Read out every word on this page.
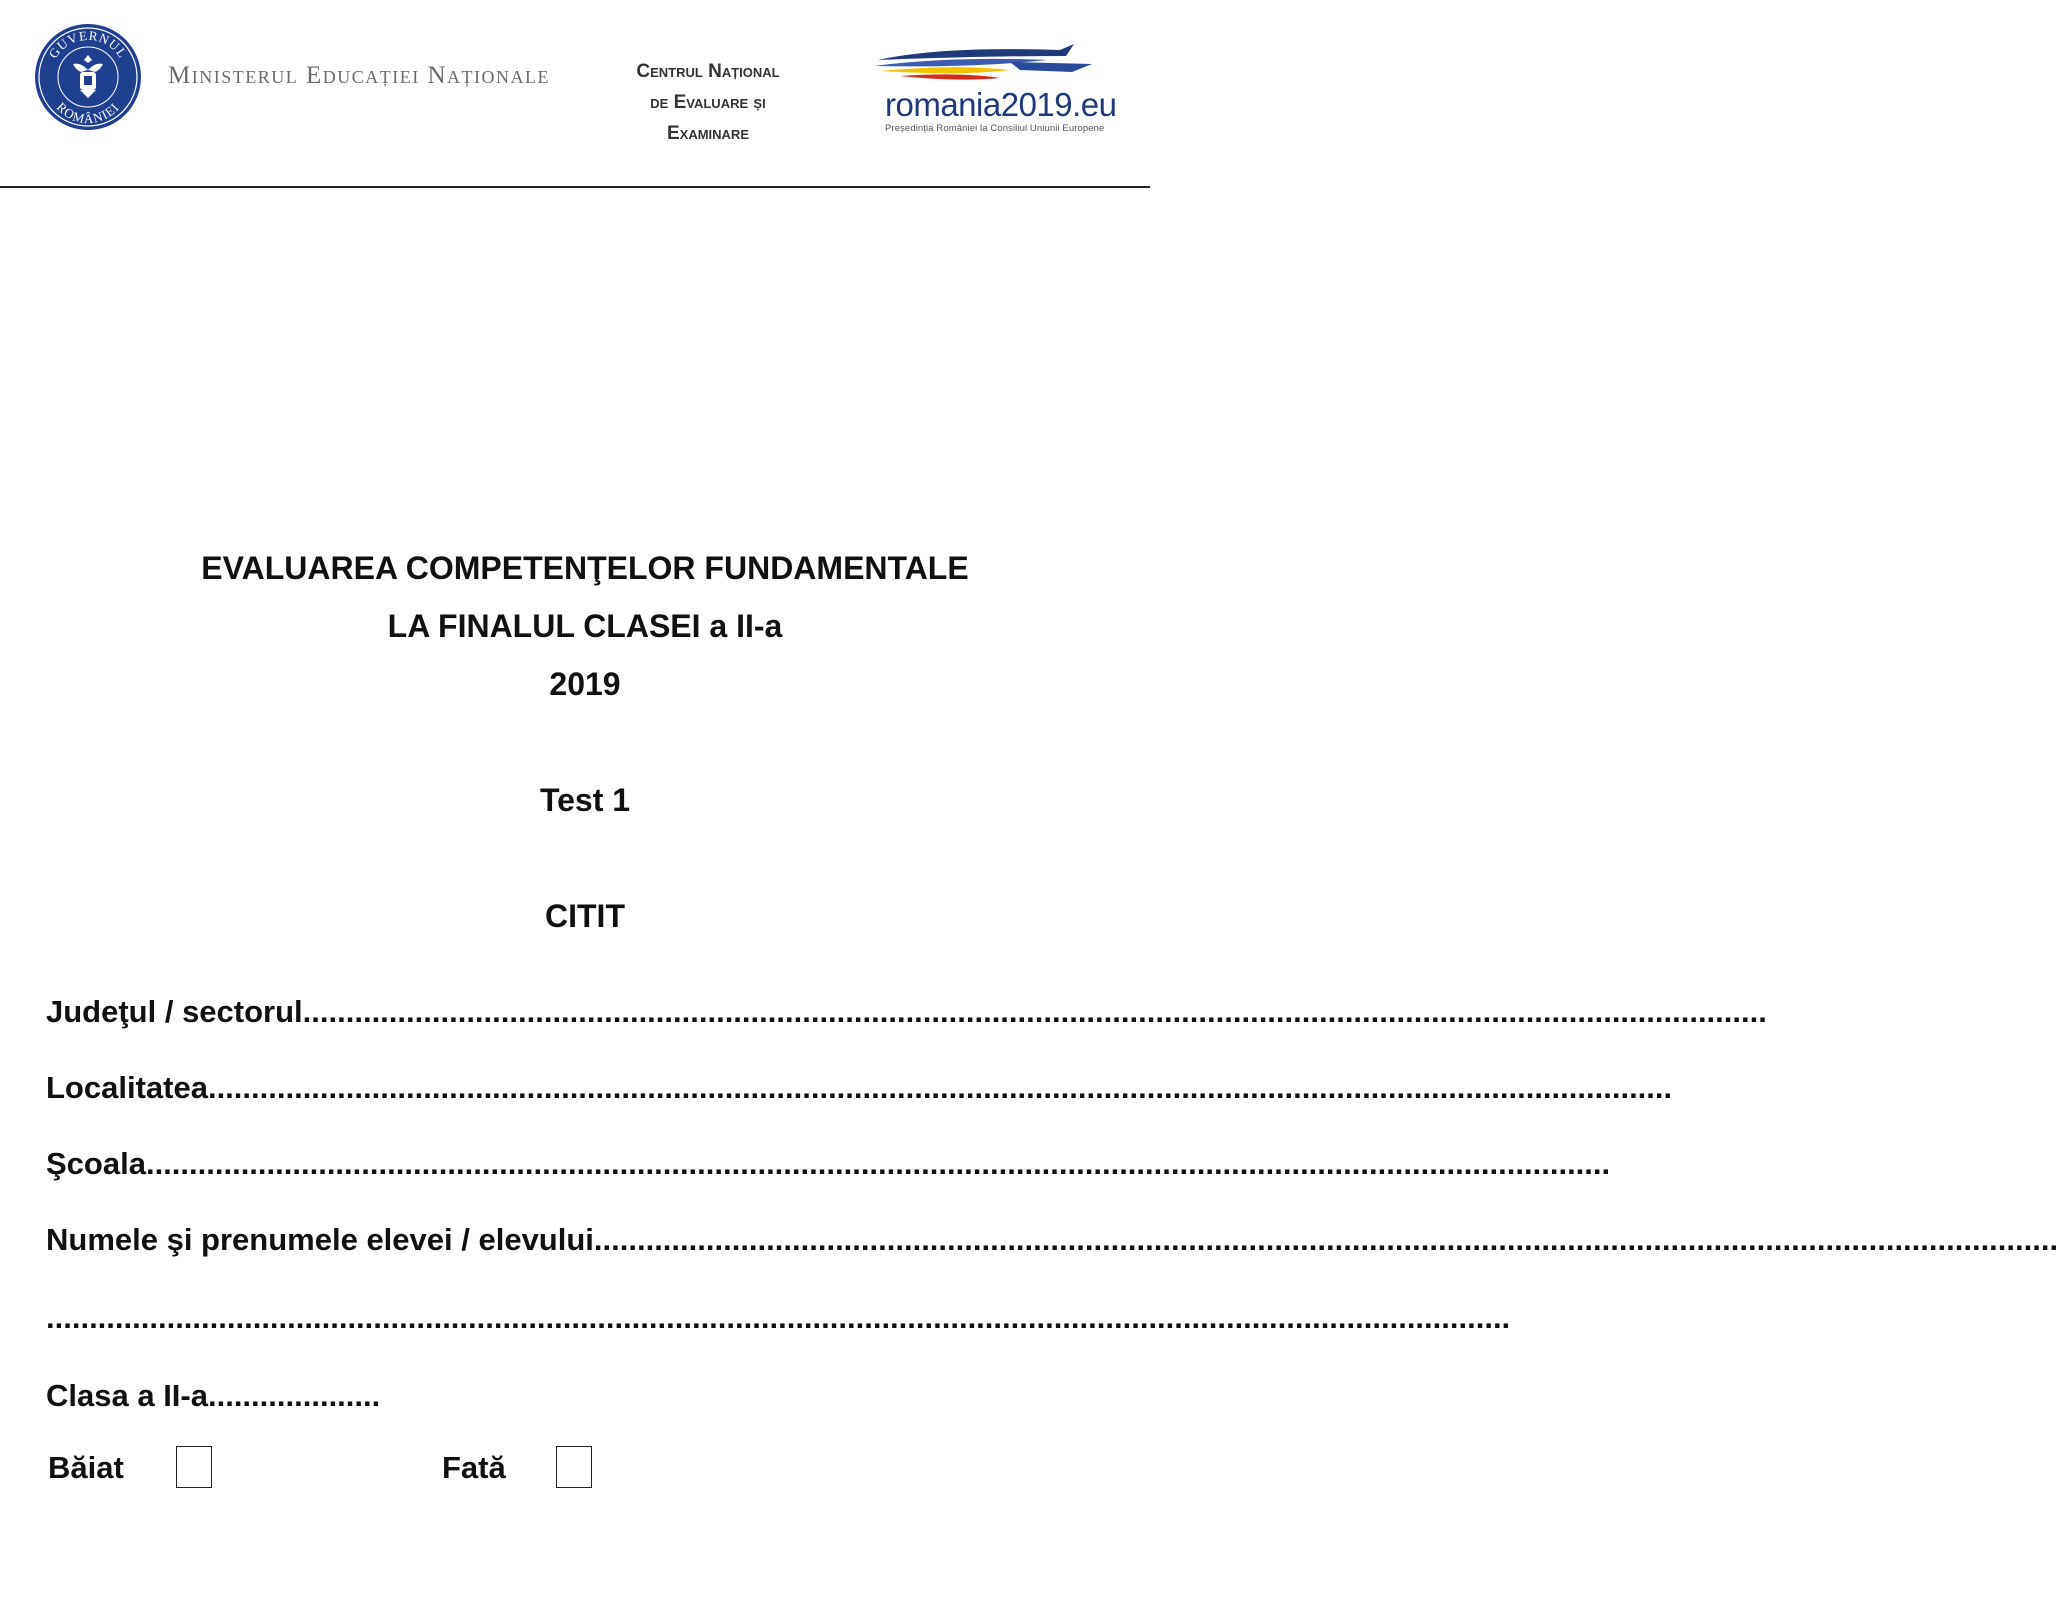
GUVERNUL
ROMÂNIEI
Ministerul Educației Naționale	Centrul Național
de Evaluare și
Examinare
romania2019.eu
Președinția României la Consiliul Uniunii Europene
EVALUAREA COMPETENŢELOR FUNDAMENTALE
LA FINALUL CLASEI a II-a
2019
Test 1
CITIT
Judeţul / sectorul ..........................................................................................................................................................................
Localitatea ..........................................................................................................................................................................
Şcoala ..........................................................................................................................................................................
Numele şi prenumele elevei / elevului ..........................................................................................................................................................................
..........................................................................................................................................................................
Clasa a II-a ....................
Băiat	Fată
